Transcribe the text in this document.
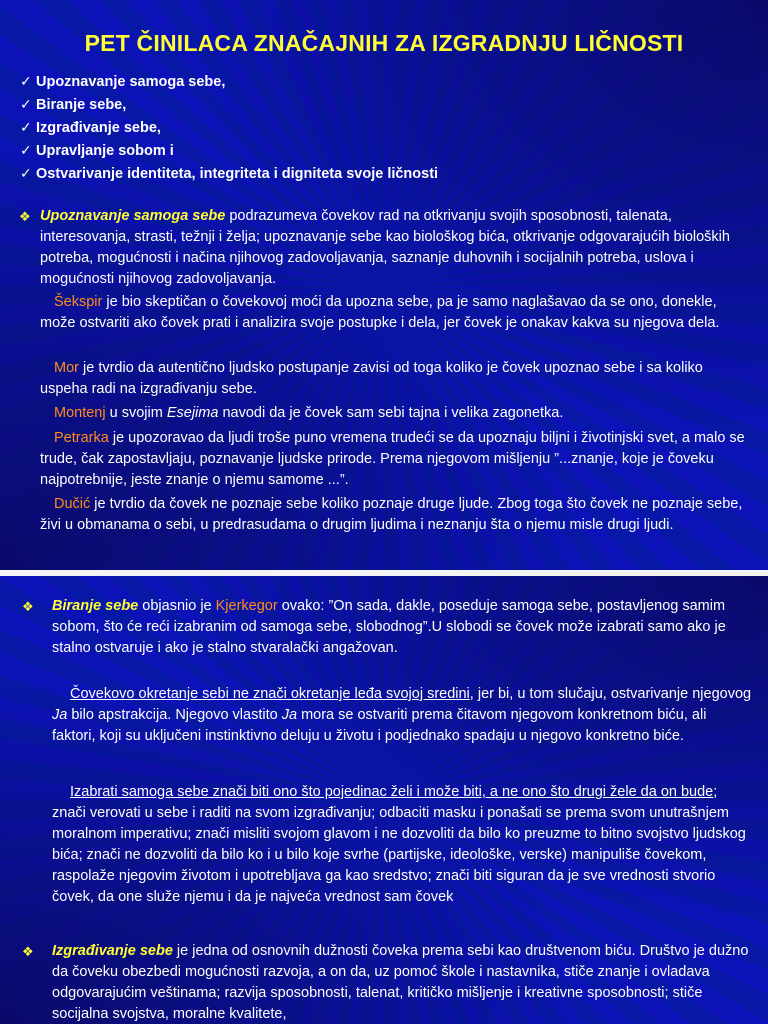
PET ČINILACA ZNAČAJNIH ZA IZGRADNJU LIČNOSTI
✓ Upoznavanje samoga sebe,
✓ Biranje sebe,
✓ Izgrađivanje sebe,
✓ Upravljanje sobom i
✓ Ostvarivanje identiteta, integriteta i digniteta svoje ličnosti
❖ Upoznavanje samoga sebe podrazumeva čovekov rad na otkrivanju svojih sposobnosti, talenata, interesovanja, strasti, težnji i želja; upoznavanje sebe kao biološkog bića, otkrivanje odgovarajućih bioloških potreba, mogućnosti i načina njihovog zadovoljavanja, saznanje duhovnih i socijalnih potreba, uslova i mogućnosti njihovog zadovoljavanja.
Šekspir je bio skeptičan o čovekovoj moći da upozna sebe, pa je samo naglašavao da se ono, donekle, može ostvariti ako čovek prati i analizira svoje postupke i dela, jer čovek je onakav kakva su njegova dela.
Mor je tvrdio da autentično ljudsko postupanje zavisi od toga koliko je čovek upoznao sebe i sa koliko uspeha radi na izgrađivanju sebe.
Montenj u svojim Esejima navodi da je čovek sam sebi tajna i velika zagonetka.
Petrarka je upozoravao da ljudi troše puno vremena trudeći se da upoznaju biljni i životinjski svet, a malo se trude, čak zapostavljaju, poznavanje ljudske prirode. Prema njegovom mišljenju ”...znanje, koje je čoveku najpotrebnije, jeste znanje o njemu samome ...”.
Dučić je tvrdio da čovek ne poznaje sebe koliko poznaje druge ljude. Zbog toga što čovek ne poznaje sebe, živi u obmanama o sebi, u predrasudama o drugim ljudima i neznanju šta o njemu misle drugi ljudi.
❖ Biranje sebe objasnio je Kjerkegor ovako: ”On sada, dakle, poseduje samoga sebe, postavljenog samim sobom, što će reći izabranim od samoga sebe, slobodnog”.U slobodi se čovek može izabrati samo ako je stalno ostvaruje i ako je stalno stvaralački angažovan.
Čovekovo okretanje sebi ne znači okretanje leđa svojoj sredini, jer bi, u tom slučaju, ostvarivanje njegovog Ja bilo apstrakcija. Njegovo vlastito Ja mora se ostvariti prema čitavom njegovom konkretnom biću, ali faktori, koji su uključeni instinktivno deluju u životu i podjednako spadaju u njegovo konkretno biće.
Izabrati samoga sebe znači biti ono što pojedinac želi i može biti, a ne ono što drugi žele da on bude; znači verovati u sebe i raditi na svom izgrađivanju; odbaciti masku i ponašati se prema svom unutrašnjem moralnom imperativu; znači misliti svojom glavom i ne dozvoliti da bilo ko preuzme to bitno svojstvo ljudskog bića; znači ne dozvoliti da bilo ko i u bilo koje svrhe (partijske, ideološke, verske) manipuliše čovekom, raspolaže njegovim životom i upotrebljava ga kao sredstvo; znači biti siguran da je sve vrednosti stvorio čovek, da one služe njemu i da je najveća vrednost sam čovek
❖ Izgrađivanje sebe je jedna od osnovnih dužnosti čoveka prema sebi kao društvenom biću. Društvo je dužno da čoveku obezbedi mogućnosti razvoja, a on da, uz pomoć škole i nastavnika, stiče znanje i ovladava odgovarajućim veštinama; razvija sposobnosti, talenat, kritičko mišljenje i kreativne sposobnosti; stiče socijalna svojstva, moralne kvalitete,
